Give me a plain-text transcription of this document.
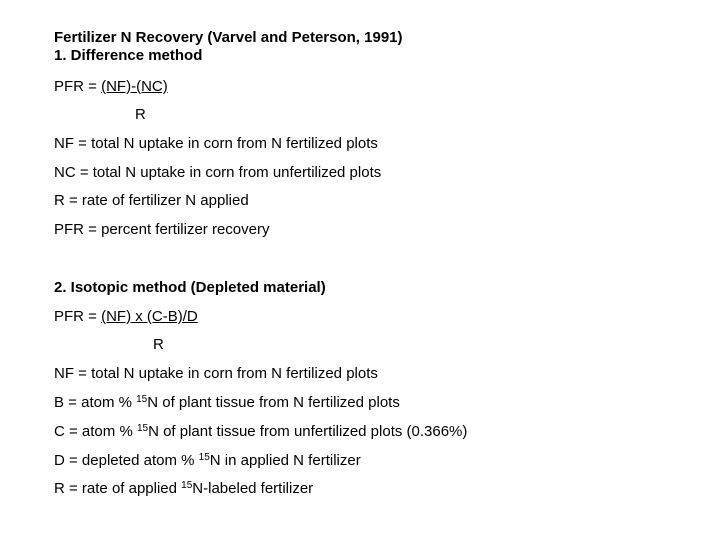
Fertilizer N Recovery (Varvel and Peterson, 1991)
1. Difference method
PFR = (NF)-(NC)
R
NF = total N uptake in corn from N fertilized plots
NC = total N uptake in corn from unfertilized plots
R = rate of fertilizer N applied
PFR = percent fertilizer recovery
2. Isotopic method (Depleted material)
PFR = (NF) x (C-B)/D
R
NF = total N uptake in corn from N fertilized plots
B = atom % $^{15}$N of plant tissue from N fertilized plots
C = atom % $^{15}$N of plant tissue from unfertilized plots (0.366%)
D = depleted atom % $^{15}$N in applied N fertilizer
R = rate of applied $^{15}$N-labeled fertilizer
